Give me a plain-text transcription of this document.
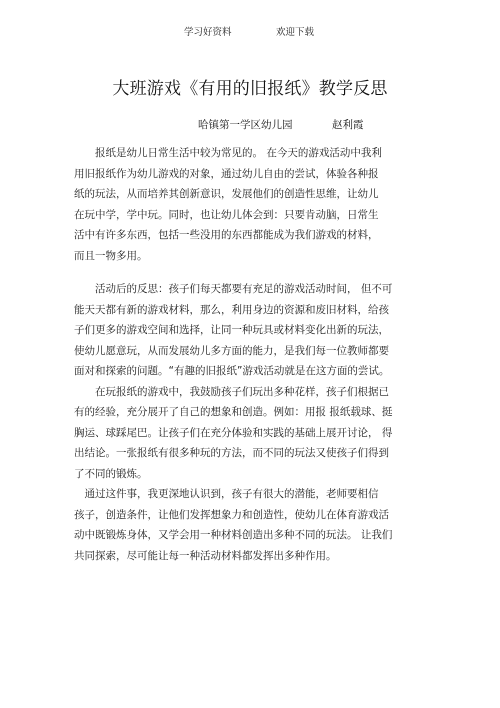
学习好资料	欢迎下载
大班游戏《有用的旧报纸》教学反思
哈镇第一学区幼儿园	赵利霞
　　报纸是幼儿日常生活中较为常见的。 在今天的游戏活动中我利
用旧报纸作为幼儿游戏的对象，通过幼儿自由的尝试，体验各种报
纸的玩法，从而培养其创新意识，发展他们的创造性思维，让幼儿
在玩中学，学中玩。同时，也让幼儿体会到：只要肯动脑，日常生
活中有许多东西，包括一些没用的东西都能成为我们游戏的材料，
而且一物多用。
　　活动后的反思：孩子们每天都要有充足的游戏活动时间， 但不可
能天天都有新的游戏材料，那么，利用身边的资源和废旧材料，给孩
子们更多的游戏空间和选择，让同一种玩具或材料变化出新的玩法，
使幼儿愿意玩，从而发展幼儿多方面的能力，是我们每一位教师都要
面对和探索的问题。“有趣的旧报纸”游戏活动就是在这方面的尝试。
　　在玩报纸的游戏中，我鼓励孩子们玩出多种花样，孩子们根据已
有的经验，充分展开了自己的想象和创造。例如：用报 报纸载球、挺
胸运、球踩尾巴。让孩子们在充分体验和实践的基础上展开讨论， 得
出结论。一张报纸有很多种玩的方法，而不同的玩法又使孩子们得到
了不同的锻炼。
　通过这件事，我更深地认识到，孩子有很大的潜能，老师要相信
孩子，创造条件，让他们发挥想象力和创造性，使幼儿在体育游戏活
动中既锻炼身体，又学会用一种材料创造出多种不同的玩法。 让我们
共同探索，尽可能让每一种活动材料都发挥出多种作用。
